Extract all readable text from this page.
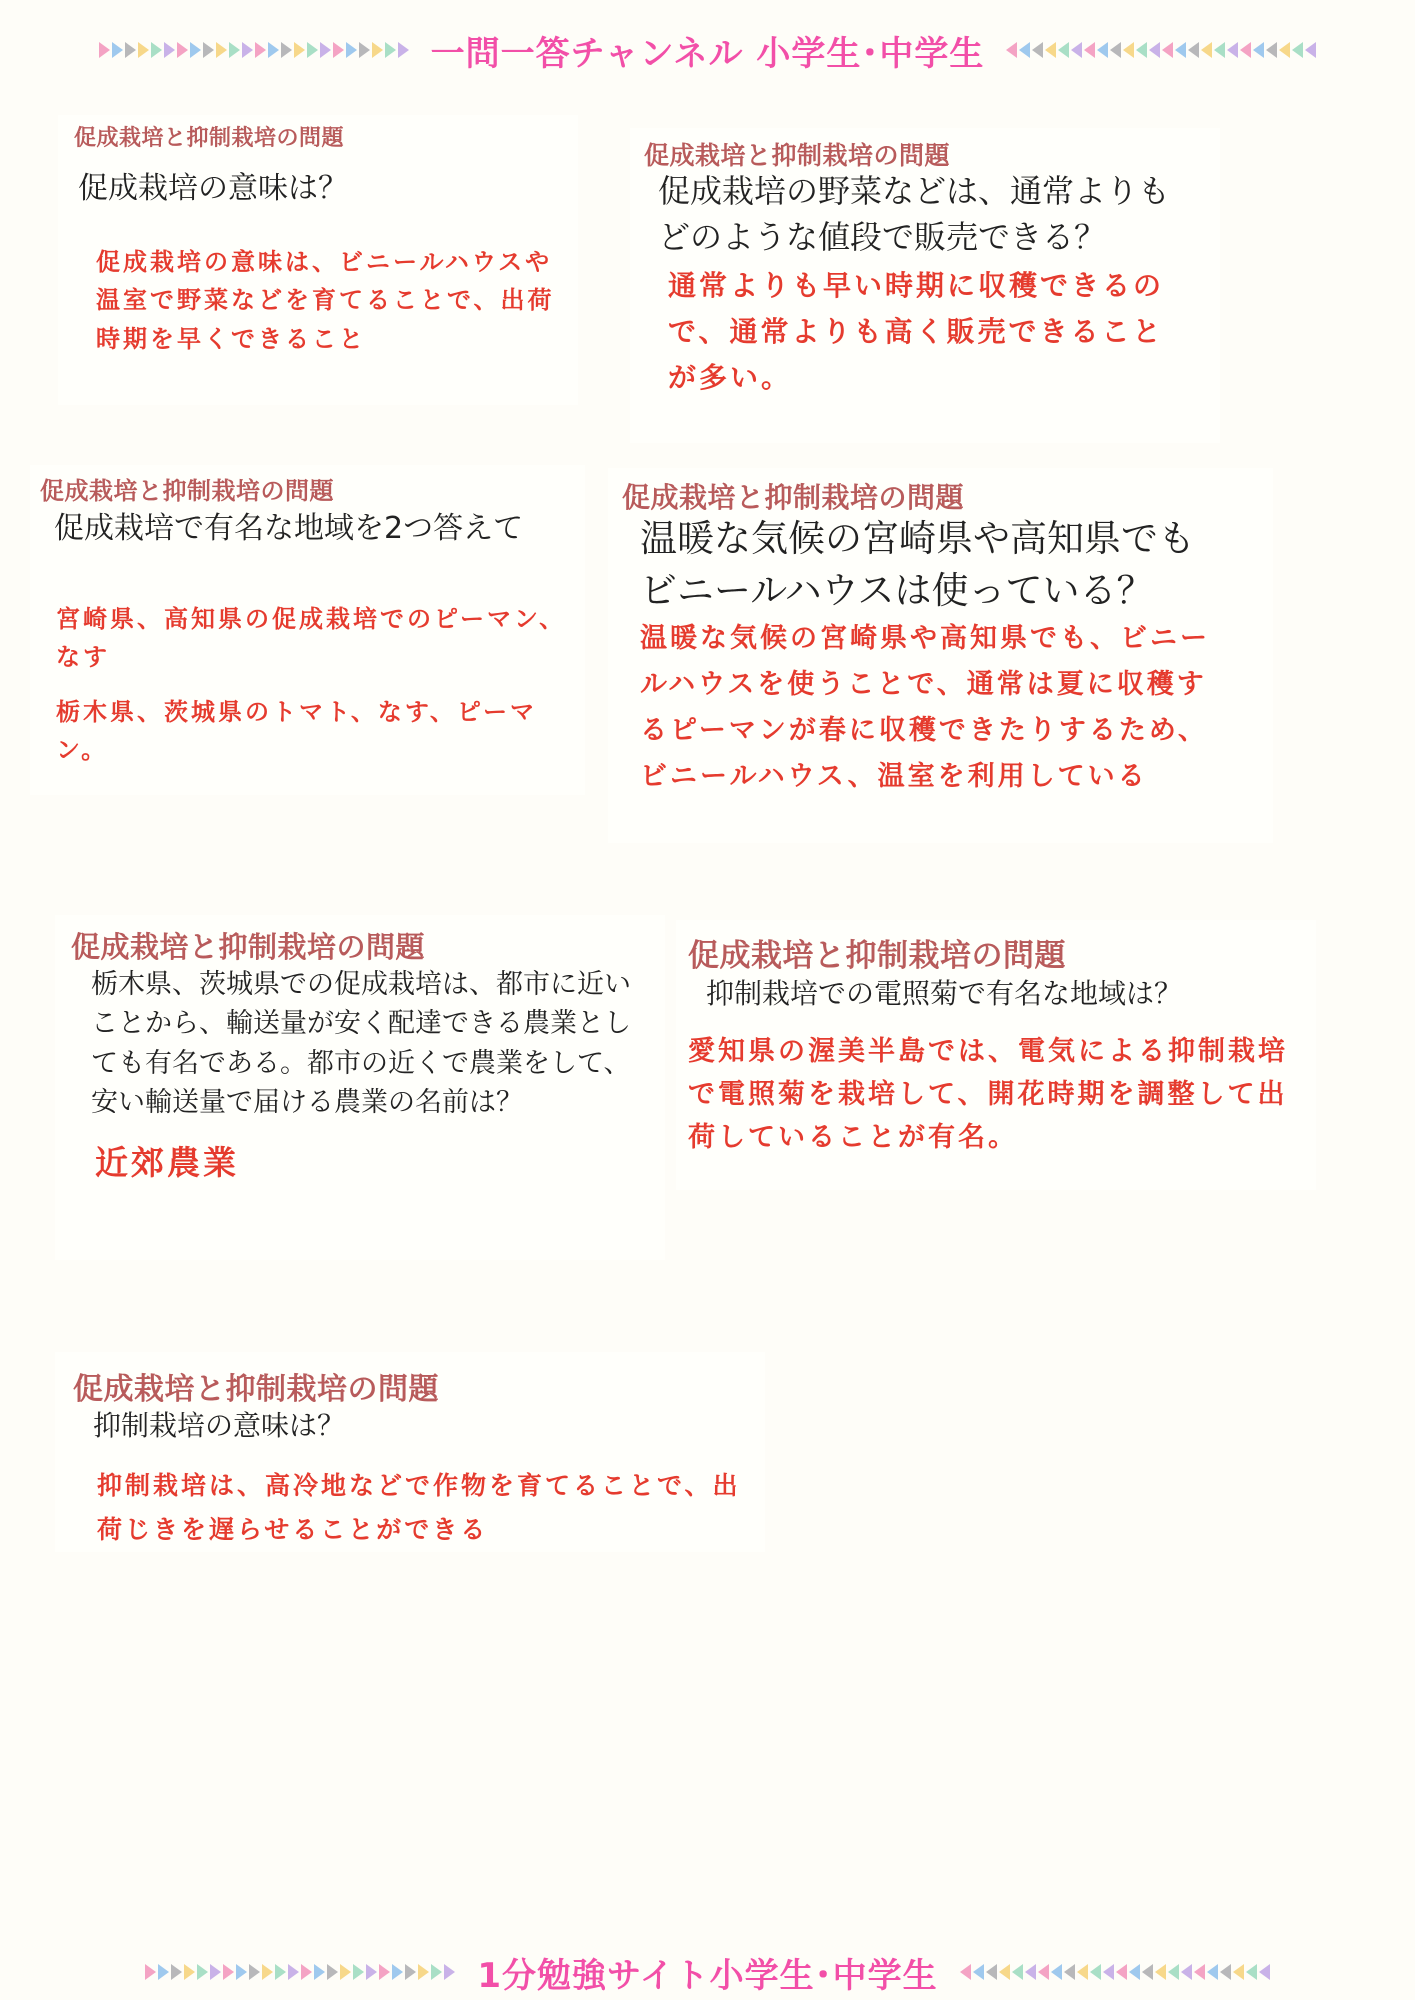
一問一答チャンネル 小学生･中学生
促成栽培と抑制栽培の問題
促成栽培の意味は？
促成栽培の意味は、ビニールハウスや温室で野菜などを育てることで、出荷時期を早くできること
促成栽培と抑制栽培の問題
促成栽培の野菜などは、通常よりもどのような値段で販売できる？
通常よりも早い時期に収穫できるので、通常よりも高く販売できることが多い。
促成栽培と抑制栽培の問題
促成栽培で有名な地域を2つ答えて
宮崎県、高知県の促成栽培でのピーマン、なす
栃木県、茨城県のトマト、なす、ピーマン。
促成栽培と抑制栽培の問題
温暖な気候の宮崎県や高知県でもビニールハウスは使っている？
温暖な気候の宮崎県や高知県でも、ビニールハウスを使うことで、通常は夏に収穫するピーマンが春に収穫できたりするため、ビニールハウス、温室を利用している
促成栽培と抑制栽培の問題
栃木県、茨城県での促成栽培は、都市に近いことから、輸送量が安く配達できる農業としても有名である。都市の近くで農業をして、安い輸送量で届ける農業の名前は？
近郊農業
促成栽培と抑制栽培の問題
抑制栽培での電照菊で有名な地域は？
愛知県の渥美半島では、電気による抑制栽培で電照菊を栽培して、開花時期を調整して出荷していることが有名。
促成栽培と抑制栽培の問題
抑制栽培の意味は？
抑制栽培は、高冷地などで作物を育てることで、出荷じきを遅らせることができる
1分勉強サイト小学生･中学生
